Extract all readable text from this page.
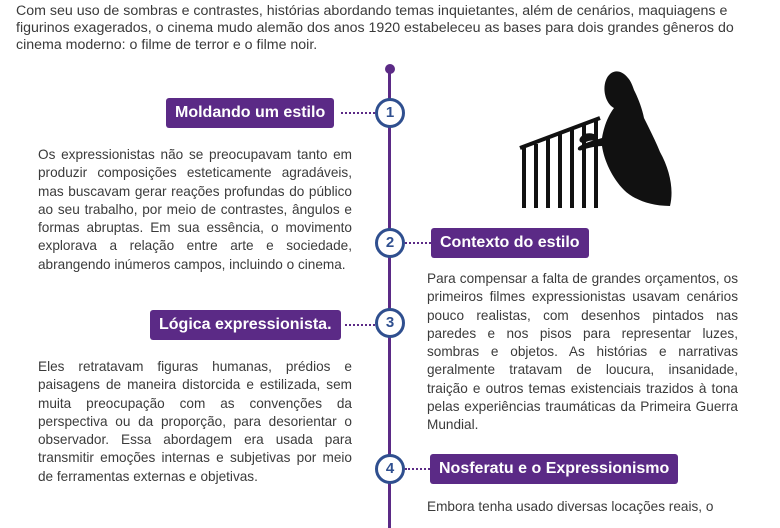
Com seu uso de sombras e contrastes, histórias abordando temas inquietantes, além de cenários, maquiagens e figurinos exagerados, o cinema mudo alemão dos anos 1920 estabeleceu as bases para dois grandes gêneros do cinema moderno: o filme de terror e o filme noir.
Moldando um estilo	1
Os expressionistas não se preocupavam tanto em produzir composições esteticamente agradáveis, mas buscavam gerar reações profundas do público ao seu trabalho, por meio de contrastes, ângulos e formas abruptas. Em sua essência, o movimento explorava a relação entre arte e sociedade, abrangendo inúmeros campos, incluindo o cinema.
2	Contexto do estilo
Para compensar a falta de grandes orçamentos, os primeiros filmes expressionistas usavam cenários pouco realistas, com desenhos pintados nas paredes e nos pisos para representar luzes, sombras e objetos. As histórias e narrativas geralmente tratavam de loucura, insanidade, traição e outros temas existenciais trazidos à tona pelas experiências traumáticas da Primeira Guerra Mundial.
Lógica expressionista.	3
Eles retratavam figuras humanas, prédios e paisagens de maneira distorcida e estilizada, sem muita preocupação com as convenções da perspectiva ou da proporção, para desorientar o observador. Essa abordagem era usada para transmitir emoções internas e subjetivas por meio de ferramentas externas e objetivas.	4	Nosferatu e o Expressionismo
Embora tenha usado diversas locações reais, o
